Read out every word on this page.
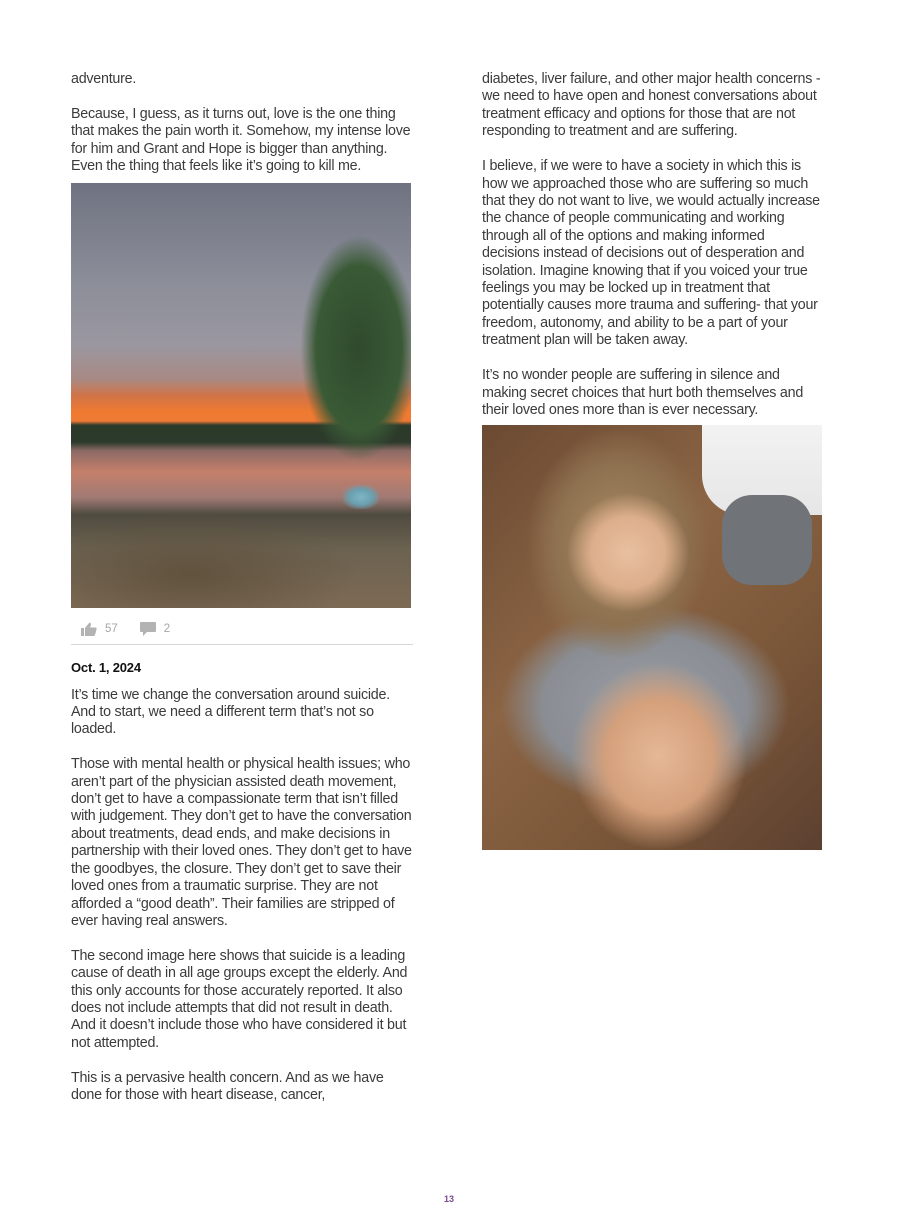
adventure.

Because, I guess, as it turns out, love is the one thing that makes the pain worth it. Somehow, my intense love for him and Grant and Hope is bigger than anything. Even the thing that feels like it’s going to kill me.

57	2
Oct. 1, 2024

It’s time we change the conversation around suicide. And to start, we need a different term that’s not so loaded.

Those with mental health or physical health issues; who aren’t part of the physician assisted death movement, don’t get to have a compassionate term that isn’t filled with judgement. They don’t get to have the conversation about treatments, dead ends, and make decisions in partnership with their loved ones. They don’t get to have the goodbyes, the closure. They don’t get to save their loved ones from a traumatic surprise. They are not afforded a “good death”. Their families are stripped of ever having real answers.

The second image here shows that suicide is a leading cause of death in all age groups except the elderly. And this only accounts for those accurately reported. It also does not include attempts that did not result in death. And it doesn’t include those who have considered it but not attempted.

This is a pervasive health concern. And as we have done for those with heart disease, cancer,

diabetes, liver failure, and other major health concerns - we need to have open and honest conversations about treatment efficacy and options for those that are not responding to treatment and are suffering.

I believe, if we were to have a society in which this is how we approached those who are suffering so much that they do not want to live, we would actually increase the chance of people communicating and working through all of the options and making informed decisions instead of decisions out of desperation and isolation. Imagine knowing that if you voiced your true feelings you may be locked up in treatment that potentially causes more trauma and suffering- that your freedom, autonomy, and ability to be a part of your treatment plan will be taken away.

It’s no wonder people are suffering in silence and making secret choices that hurt both themselves and their loved ones more than is ever necessary.

13
